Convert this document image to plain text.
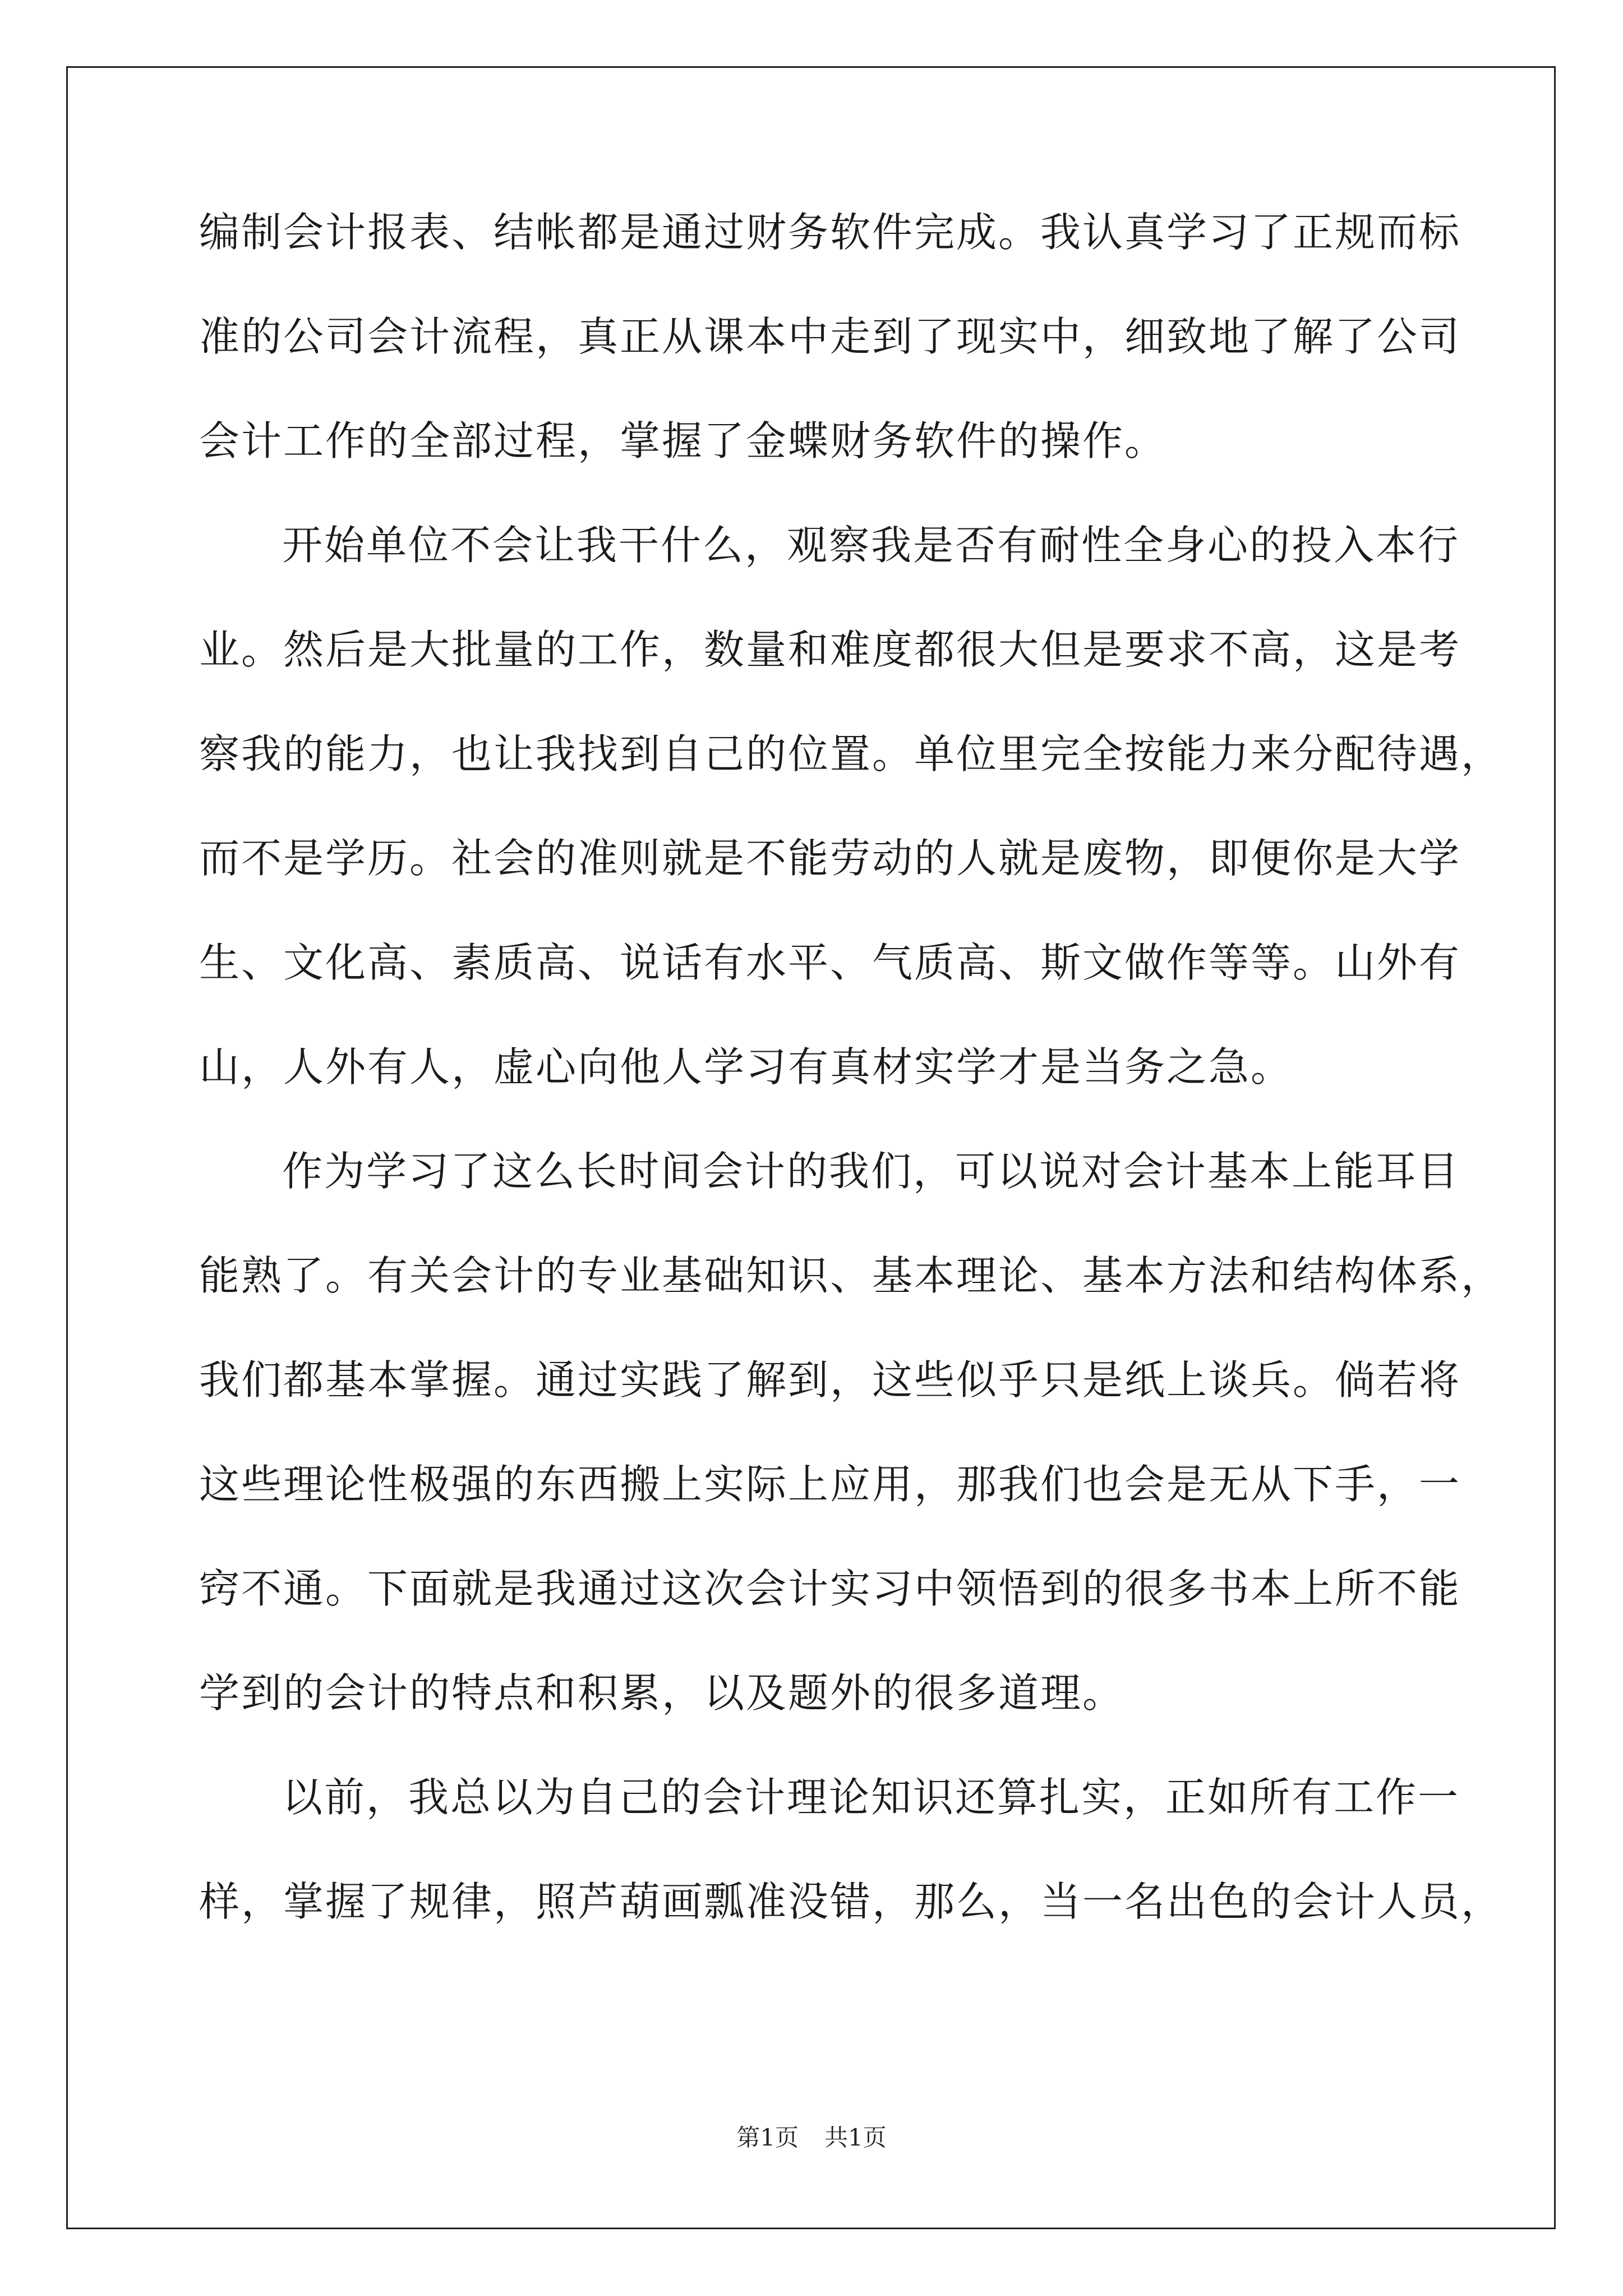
编制会计报表、结帐都是通过财务软件完成。我认真学习了正规而标
准的公司会计流程，真正从课本中走到了现实中，细致地了解了公司
会计工作的全部过程，掌握了金蝶财务软件的操作。
开始单位不会让我干什么，观察我是否有耐性全身心的投入本行
业。然后是大批量的工作，数量和难度都很大但是要求不高，这是考
察我的能力，也让我找到自己的位置。单位里完全按能力来分配待遇，
而不是学历。社会的准则就是不能劳动的人就是废物，即便你是大学
生、文化高、素质高、说话有水平、气质高、斯文做作等等。山外有
山，人外有人，虚心向他人学习有真材实学才是当务之急。
作为学习了这么长时间会计的我们，可以说对会计基本上能耳目
能熟了。有关会计的专业基础知识、基本理论、基本方法和结构体系，
我们都基本掌握。通过实践了解到，这些似乎只是纸上谈兵。倘若将
这些理论性极强的东西搬上实际上应用，那我们也会是无从下手，一
窍不通。下面就是我通过这次会计实习中领悟到的很多书本上所不能
学到的会计的特点和积累，以及题外的很多道理。
以前，我总以为自己的会计理论知识还算扎实，正如所有工作一
样，掌握了规律，照芦葫画瓢准没错，那么，当一名出色的会计人员，
第1页 共1页
